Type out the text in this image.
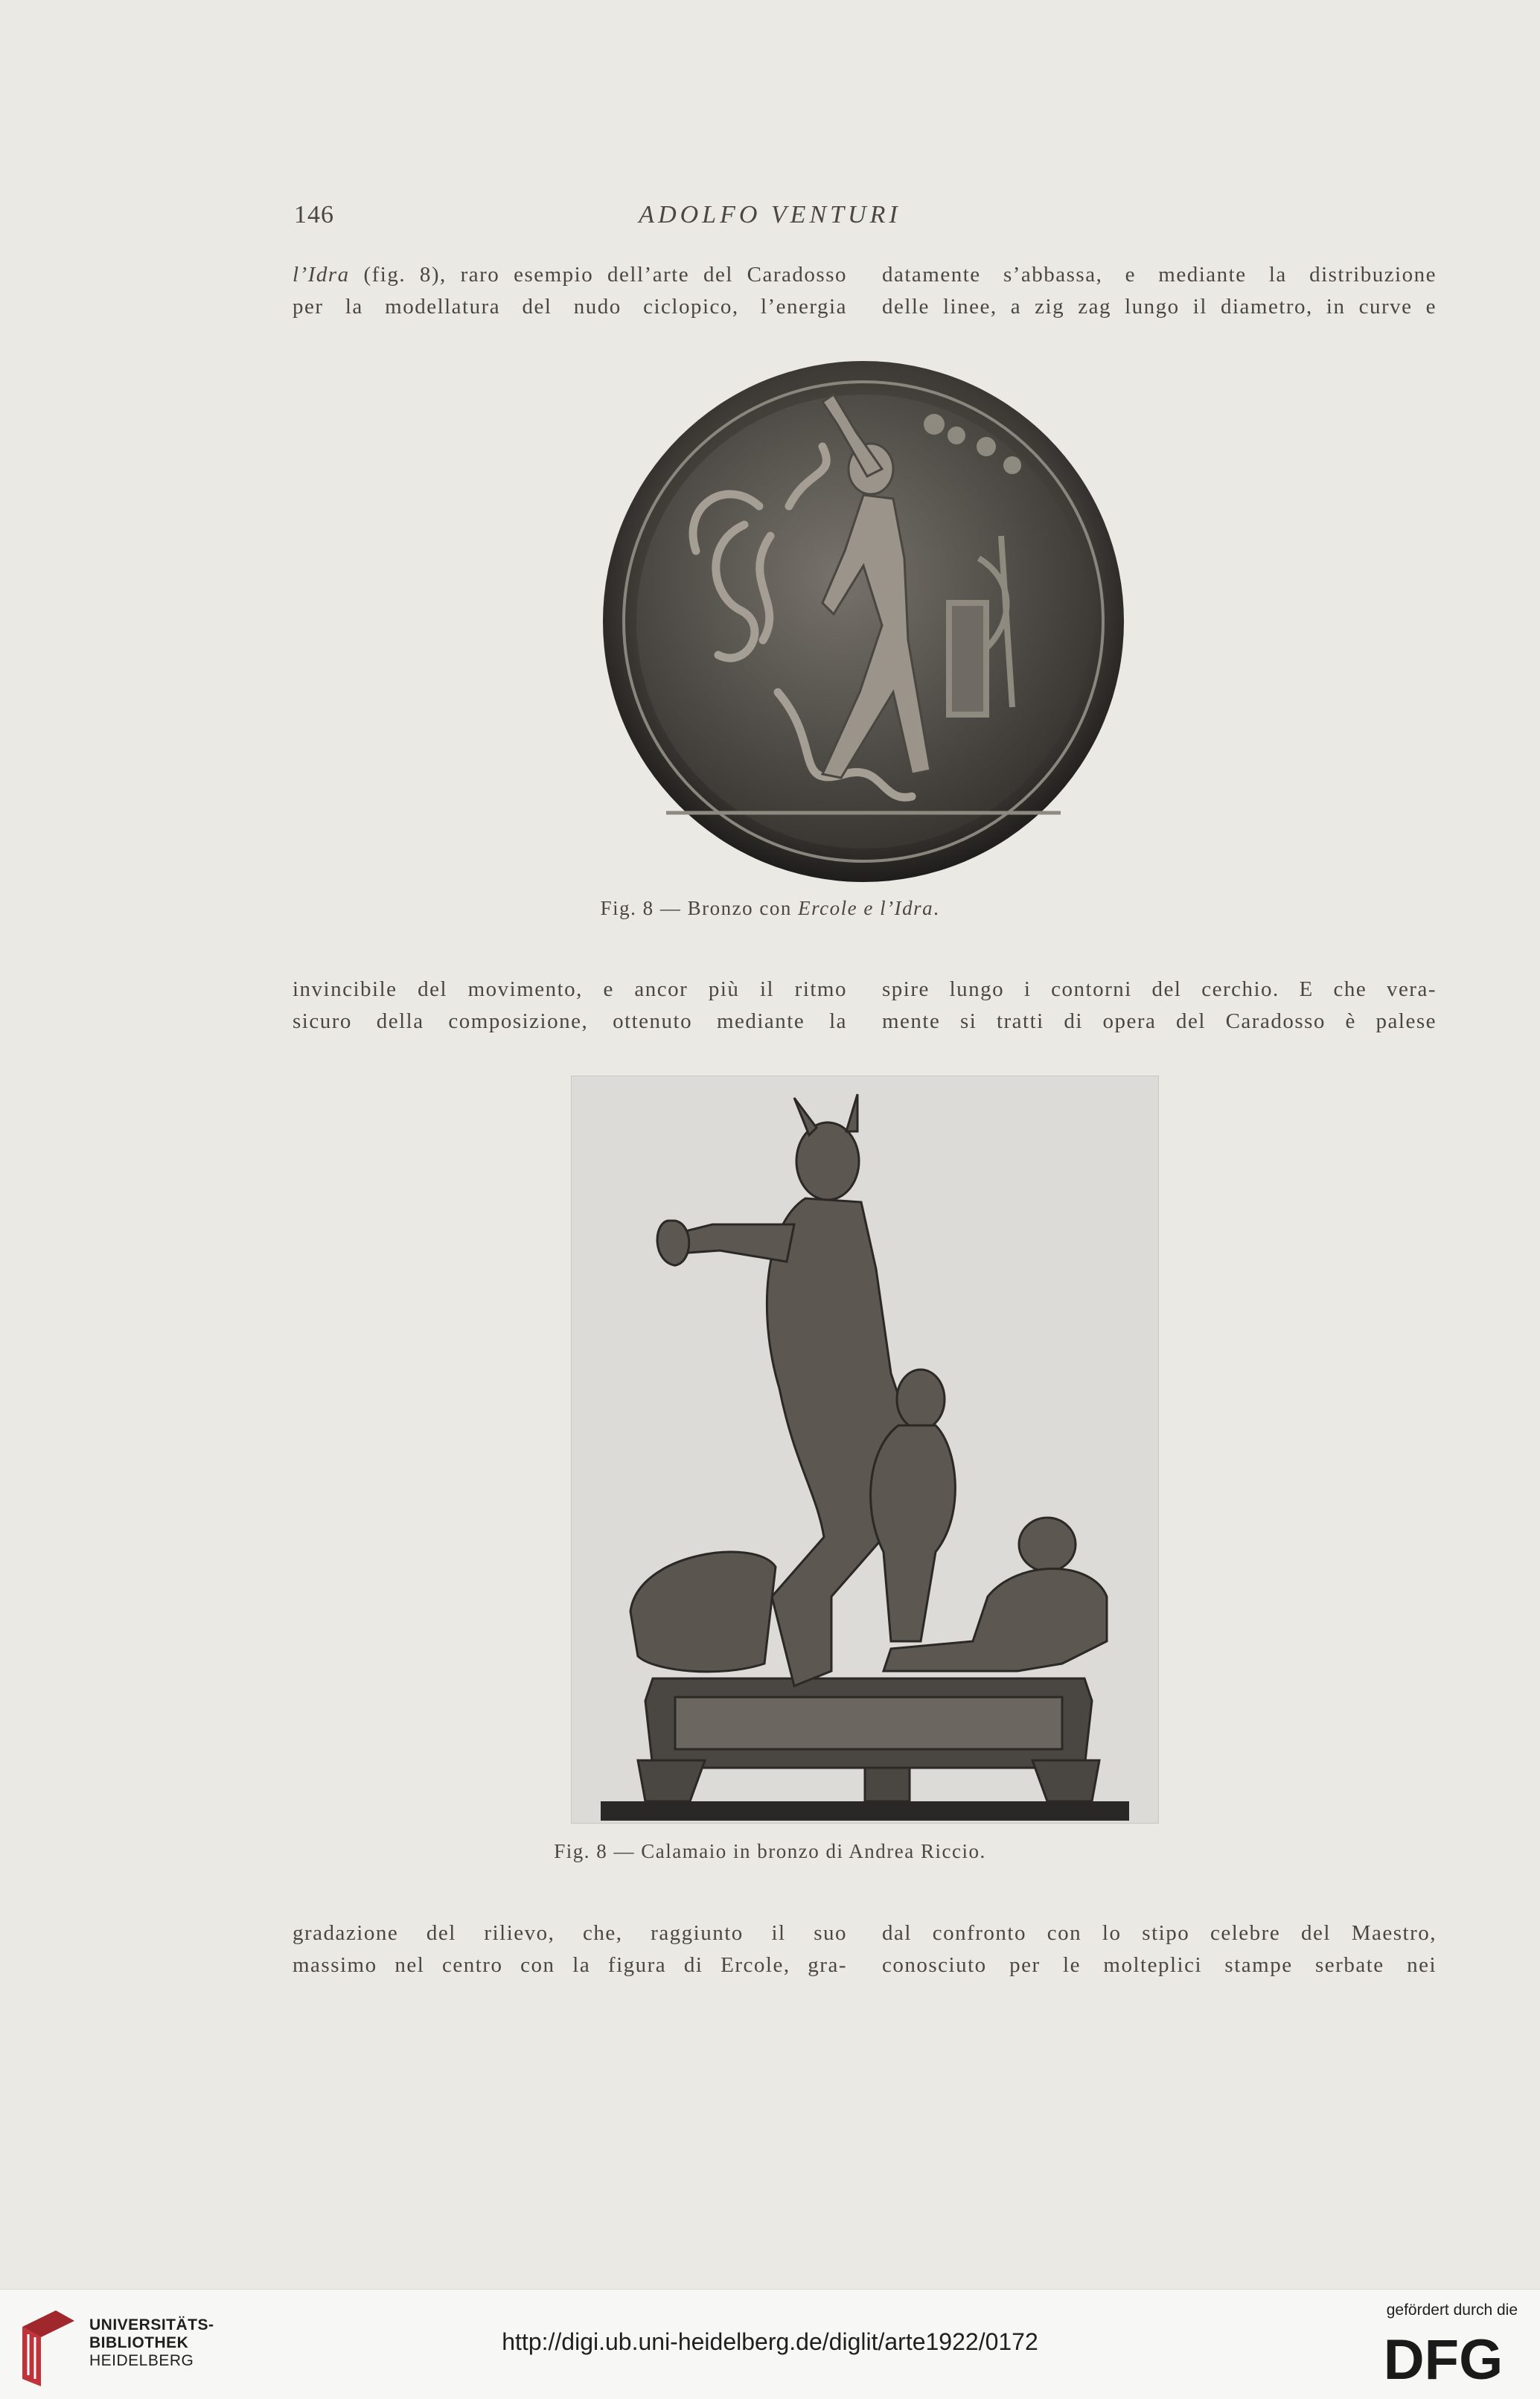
146	ADOLFO VENTURI
l’Idra (fig. 8), raro esempio dell’arte del Caradosso
per la modellatura del nudo ciclopico, l’energia
datamente s’abbassa, e mediante la distribuzione
delle linee, a zig zag lungo il diametro, in curve e
Fig. 8 — Bronzo con Ercole e l’Idra.
invincibile del movimento, e ancor più il ritmo
sicuro della composizione, ottenuto mediante la
spire lungo i contorni del cerchio. E che vera-
mente si tratti di opera del Caradosso è palese
Fig. 8 — Calamaio in bronzo di Andrea Riccio.
gradazione del rilievo, che, raggiunto il suo
massimo nel centro con la figura di Ercole, gra-
dal confronto con lo stipo celebre del Maestro,
conosciuto per le molteplici stampe serbate nei
UNIVERSITÄTS-
BIBLIOTHEK
HEIDELBERG
http://digi.ub.uni-heidelberg.de/diglit/arte1922/0172
gefördert durch die
DFG
